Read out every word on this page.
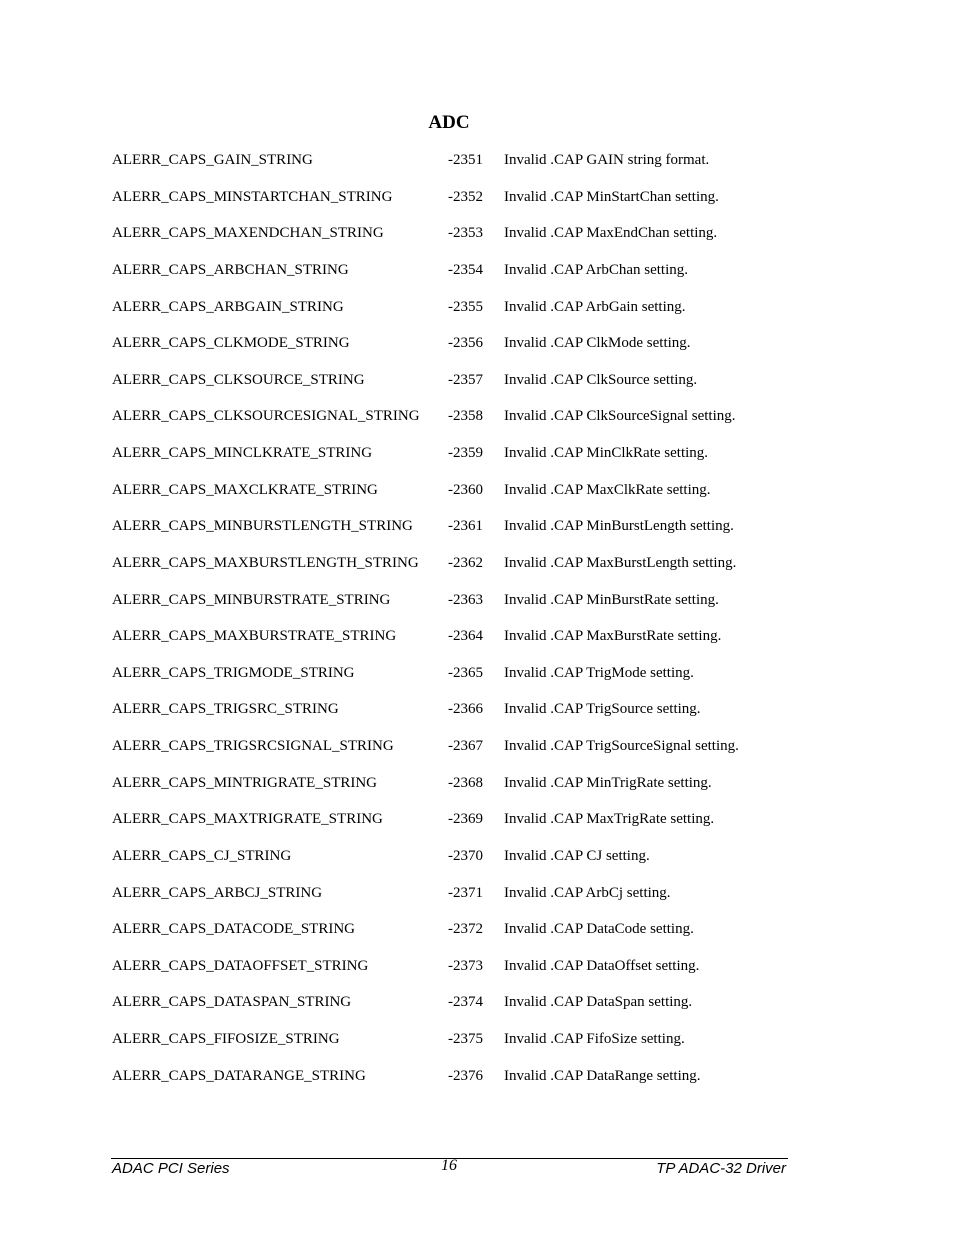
ADC
ALERR_CAPS_GAIN_STRING	-2351 Invalid .CAP GAIN string format.
ALERR_CAPS_MINSTARTCHAN_STRING	-2352 Invalid .CAP MinStartChan setting.
ALERR_CAPS_MAXENDCHAN_STRING	-2353 Invalid .CAP MaxEndChan setting.
ALERR_CAPS_ARBCHAN_STRING	-2354 Invalid .CAP ArbChan setting.
ALERR_CAPS_ARBGAIN_STRING	-2355 Invalid .CAP ArbGain setting.
ALERR_CAPS_CLKMODE_STRING	-2356 Invalid .CAP ClkMode setting.
ALERR_CAPS_CLKSOURCE_STRING	-2357 Invalid .CAP ClkSource setting.
ALERR_CAPS_CLKSOURCESIGNAL_STRING -2358 Invalid .CAP ClkSourceSignal setting.
ALERR_CAPS_MINCLKRATE_STRING	-2359 Invalid .CAP MinClkRate setting.
ALERR_CAPS_MAXCLKRATE_STRING	-2360 Invalid .CAP MaxClkRate setting.
ALERR_CAPS_MINBURSTLENGTH_STRING -2361 Invalid .CAP MinBurstLength setting.
ALERR_CAPS_MAXBURSTLENGTH_STRING -2362 Invalid .CAP MaxBurstLength setting.
ALERR_CAPS_MINBURSTRATE_STRING	-2363 Invalid .CAP MinBurstRate setting.
ALERR_CAPS_MAXBURSTRATE_STRING	-2364 Invalid .CAP MaxBurstRate setting.
ALERR_CAPS_TRIGMODE_STRING	-2365 Invalid .CAP TrigMode setting.
ALERR_CAPS_TRIGSRC_STRING	-2366 Invalid .CAP TrigSource setting.
ALERR_CAPS_TRIGSRCSIGNAL_STRING	-2367 Invalid .CAP TrigSourceSignal setting.
ALERR_CAPS_MINTRIGRATE_STRING	-2368 Invalid .CAP MinTrigRate setting.
ALERR_CAPS_MAXTRIGRATE_STRING	-2369 Invalid .CAP MaxTrigRate setting.
ALERR_CAPS_CJ_STRING	-2370 Invalid .CAP CJ setting.
ALERR_CAPS_ARBCJ_STRING	-2371 Invalid .CAP ArbCj setting.
ALERR_CAPS_DATACODE_STRING	-2372 Invalid .CAP DataCode setting.
ALERR_CAPS_DATAOFFSET_STRING	-2373 Invalid .CAP DataOffset setting.
ALERR_CAPS_DATASPAN_STRING	-2374 Invalid .CAP DataSpan setting.
ALERR_CAPS_FIFOSIZE_STRING	-2375 Invalid .CAP FifoSize setting.
ALERR_CAPS_DATARANGE_STRING	-2376 Invalid .CAP DataRange setting.
ADAC PCI Series	16	TP ADAC-32 Driver
